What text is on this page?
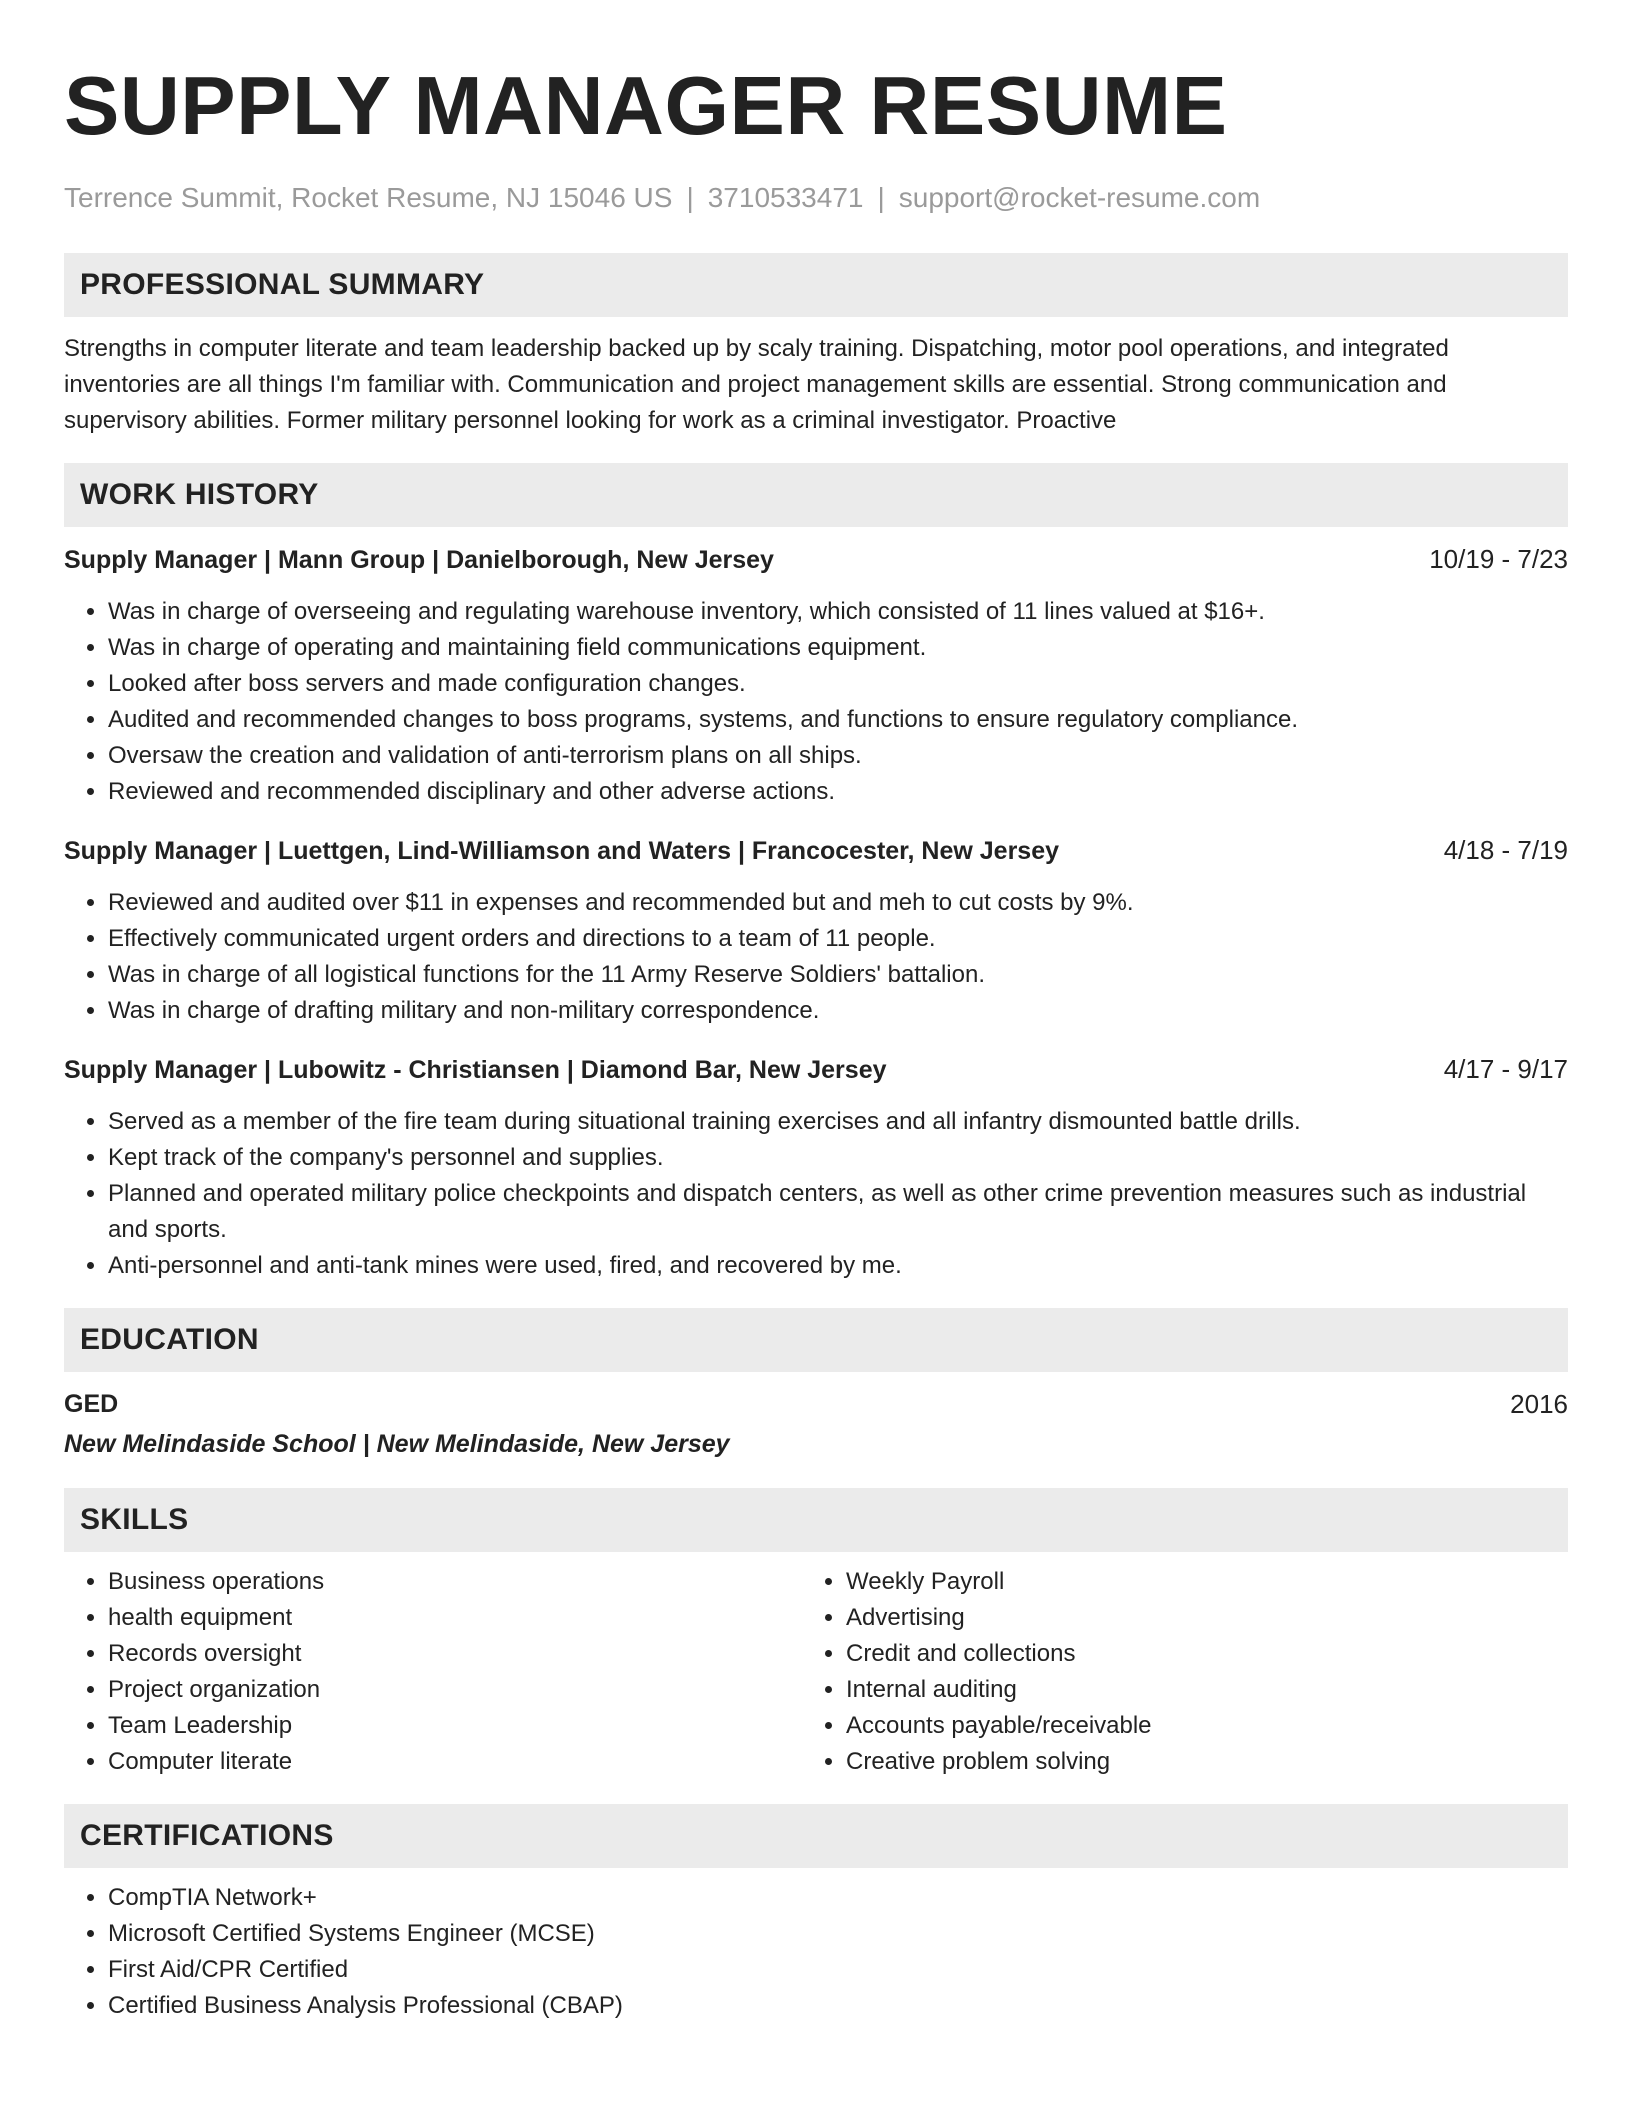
SUPPLY MANAGER RESUME
Terrence Summit, Rocket Resume, NJ 15046 US | 3710533471 | support@rocket-resume.com
PROFESSIONAL SUMMARY
Strengths in computer literate and team leadership backed up by scaly training. Dispatching, motor pool operations, and integrated inventories are all things I'm familiar with. Communication and project management skills are essential. Strong communication and supervisory abilities. Former military personnel looking for work as a criminal investigator. Proactive
WORK HISTORY
Supply Manager | Mann Group | Danielborough, New Jersey	10/19 - 7/23
• Was in charge of overseeing and regulating warehouse inventory, which consisted of 11 lines valued at $16+.
• Was in charge of operating and maintaining field communications equipment.
• Looked after boss servers and made configuration changes.
• Audited and recommended changes to boss programs, systems, and functions to ensure regulatory compliance.
• Oversaw the creation and validation of anti-terrorism plans on all ships.
• Reviewed and recommended disciplinary and other adverse actions.
Supply Manager | Luettgen, Lind-Williamson and Waters | Francocester, New Jersey	4/18 - 7/19
• Reviewed and audited over $11 in expenses and recommended but and meh to cut costs by 9%.
• Effectively communicated urgent orders and directions to a team of 11 people.
• Was in charge of all logistical functions for the 11 Army Reserve Soldiers' battalion.
• Was in charge of drafting military and non-military correspondence.
Supply Manager | Lubowitz - Christiansen | Diamond Bar, New Jersey	4/17 - 9/17
• Served as a member of the fire team during situational training exercises and all infantry dismounted battle drills.
• Kept track of the company's personnel and supplies.
• Planned and operated military police checkpoints and dispatch centers, as well as other crime prevention measures such as industrial and sports.
• Anti-personnel and anti-tank mines were used, fired, and recovered by me.
EDUCATION
GED	2016
New Melindaside School | New Melindaside, New Jersey
SKILLS
• Business operations
• health equipment
• Records oversight
• Project organization
• Team Leadership
• Computer literate
• Weekly Payroll
• Advertising
• Credit and collections
• Internal auditing
• Accounts payable/receivable
• Creative problem solving
CERTIFICATIONS
• CompTIA Network+
• Microsoft Certified Systems Engineer (MCSE)
• First Aid/CPR Certified
• Certified Business Analysis Professional (CBAP)
